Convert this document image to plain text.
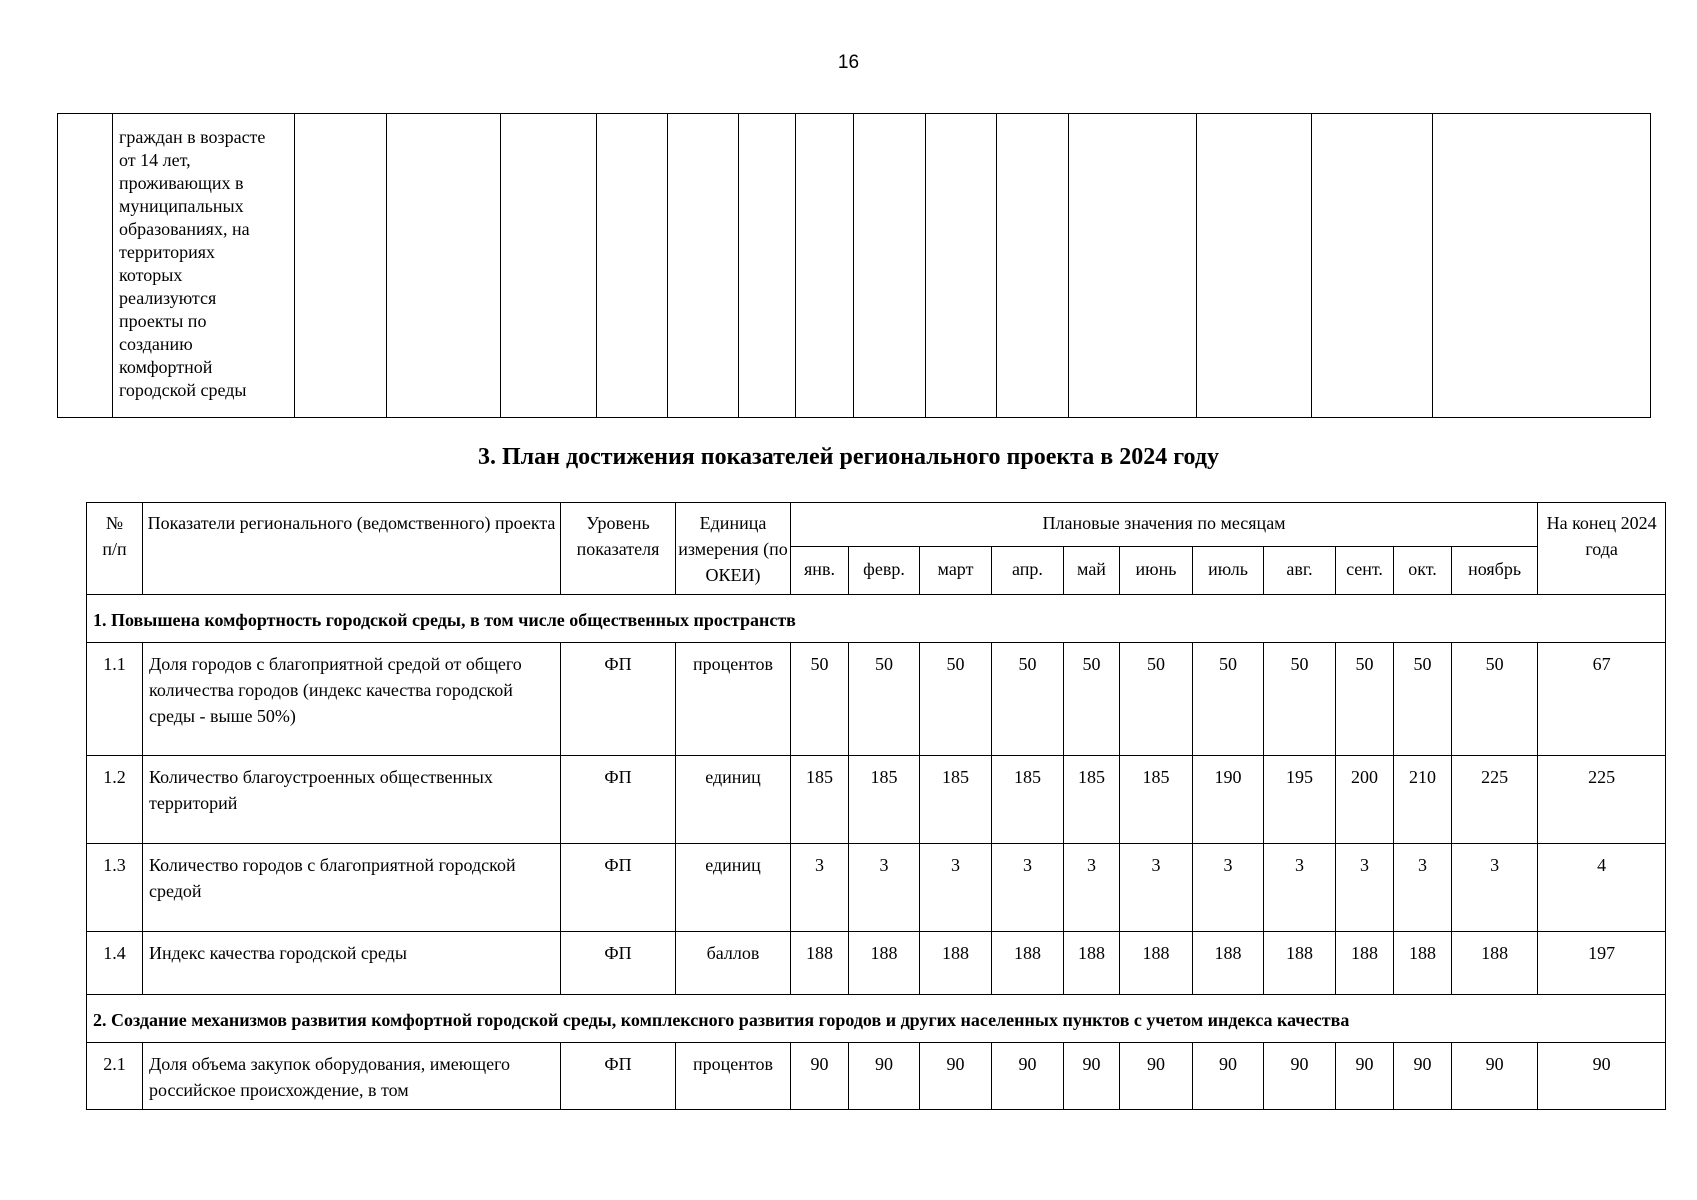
16

граждан в возрасте
от 14 лет,
проживающих в
муниципальных
образованиях, на
территориях
которых
реализуются
проекты по
созданию
комфортной
городской среды

3. План достижения показателей регионального проекта в 2024 году
№
п/п	Показатели регионального (ведомственного) проекта	Уровень показателя	Единица измерения (по ОКЕИ)	Плановые значения по месяцам											На конец 2024 года
				янв.	февр.	март	апр.	май	июнь	июль	авг.	сент.	окт.	ноябрь	
1. Повышена комфортность городской среды, в том числе общественных пространств															
1.1	Доля городов с благоприятной средой от общего количества городов (индекс качества городской среды - выше 50%)	ФП	процентов	50	50	50	50	50	50	50	50	50	50	50	67
1.2	Количество благоустроенных общественных территорий	ФП	единиц	185	185	185	185	185	185	190	195	200	210	225	225
1.3	Количество городов с благоприятной городской средой	ФП	единиц	3	3	3	3	3	3	3	3	3	3	3	4
1.4	Индекс качества городской среды	ФП	баллов	188	188	188	188	188	188	188	188	188	188	188	197
2. Создание механизмов развития комфортной городской среды, комплексного развития городов и других населенных пунктов с учетом индекса качества															
2.1	Доля объема закупок оборудования, имеющего российское происхождение, в том	ФП	процентов	90	90	90	90	90	90	90	90	90	90	90	90
